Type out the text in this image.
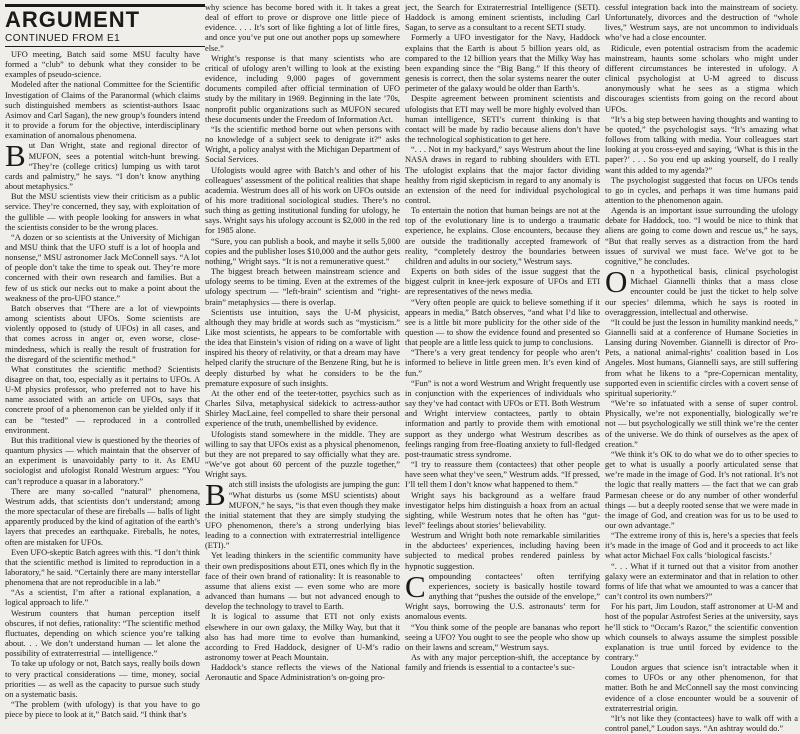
ARGUMENT
CONTINUED FROM E1

UFO meeting, Batch said some MSU faculty have formed a “club” to debunk what they consider to be examples of pseudo-science.

Modeled after the national Committee for the Scientific Investigation of Claims of the Paranormal (which claims such distinguished members as scientist-authors Isaac Asimov and Carl Sagan), the new group’s founders intend it to provide a forum for the objective, interdisciplinary examination of anomalous phenomena.

But Dan Wright, state and regional director of MUFON, sees a potential witch-hunt brewing. “They’re (college critics) lumping us with tarot cards and palmistry,” he says. “I don’t know anything about metaphysics.”

But the MSU scientists view their criticism as a public service. They’re concerned, they say, with exploitation of the gullible — with people looking for answers in what the scientists consider to be the wrong places.

“A dozen or so scientists at the University of Michigan and MSU think that the UFO stuff is a lot of hoopla and nonsense,” MSU astronomer Jack McConnell says. “A lot of people don’t take the time to speak out. They’re more concerned with their own research and families. But a few of us stick our necks out to make a point about the weakness of the pro-UFO stance.”

Batch observes that “There are a lot of viewpoints among scientists about UFOs. Some scientists are violently opposed to (study of UFOs) in all cases, and that comes across in anger or, even worse, close-mindedness, which is really the result of frustration for the disregard of the scientific method.”

What constitutes the scientific method? Scientists disagree on that, too, especially as it pertains to UFOs. A U-M physics professor, who preferred not to have his name associated with an article on UFOs, says that concrete proof of a phenomenon can be yielded only if it can be “tested” — reproduced in a controlled environment.

But this traditional view is questioned by the theories of quantum physics — which maintain that the observer of an experiment is unavoidably party to it. As EMU sociologist and ufologist Ronald Westrum argues: “You can’t reproduce a quasar in a laboratory.”

There are many so-called “natural” phenomena, Westrum adds, that scientists don’t understand; among the more spectacular of these are fireballs — balls of light apparently produced by the kind of agitation of the earth’s layers that precedes an earthquake. Fireballs, he notes, often are mistaken for UFOs.

Even UFO-skeptic Batch agrees with this. “I don’t think that the scientific method is limited to reproduction in a laboratory,” he said. “Certainly there are many interstellar phenomena that are not reproducible in a lab.”

“As a scientist, I’m after a rational explanation, a logical approach to life.”

Westrum counters that human perception itself obscures, if not defies, rationality: “The scientific method fluctuates, depending on which science you’re talking about. . . We don’t understand human — let alone the possibility of extraterrestrial — intelligence.”

To take up ufology or not, Batch says, really boils down to very practical considerations — time, money, social priorities — as well as the capacity to pursue such study on a systematic basis.

“The problem (with ufology) is that you have to go piece by piece to look at it,” Batch said. “I think that’s

why science has become bored with it. It takes a great deal of effort to prove or disprove one little piece of evidence. . . . It’s sort of like fighting a lot of little fires, and once you’ve put one out another pops up somewhere else.”

Wright’s response is that many scientists who are critical of ufology aren’t willing to look at the existing evidence, including 9,000 pages of government documents compiled after official termination of UFO study by the military in 1969. Beginning in the late ’70s, nonprofit public organizations such as MUFON secured these documents under the Freedom of Information Act.

“Is the scientific method borne out when persons with no knowledge of a subject seek to denigrate it?” asks Wright, a policy analyst with the Michigan Department of Social Services.

Ufologists would agree with Batch’s and other of his colleagues’ assessment of the political realities that shape academia. Westrum does all of his work on UFOs outside of his more traditional sociological studies. There’s no such thing as getting institutional funding for ufology, he says. Wright says his ufology account is $2,000 in the red for 1985 alone.

“Sure, you can publish a book, and maybe it sells 5,000 copies and the publisher loses $10,000 and the author gets nothing,” Wright says. “It is not a remunerative quest.”

The biggest breach between mainstream science and ufology seems to be timing. Even at the extremes of the ufology spectrum — “left-brain” scientism and “right-brain” metaphysics — there is overlap.

Scientists use intuition, says the U-M physicist, although they may bridle at words such as “mysticism.” Like most scientists, he appears to be comfortable with the idea that Einstein’s vision of riding on a wave of light inspired his theory of relativity, or that a dream may have helped clarify the structure of the Benzene Ring, but he is deeply disturbed by what he considers to be the premature exposure of such insights.

At the other end of the teeter-totter, psychics such as Charles Silva, metaphysical sidekick to actress-author Shirley MacLaine, feel compelled to share their personal experience of the truth, unembellished by evidence.

Ufologists stand somewhere in the middle. They are willing to say that UFOs exist as a physical phenomenon, but they are not prepared to say officially what they are. “We’ve got about 60 percent of the puzzle together,” Wright says.

Batch still insists the ufologists are jumping the gun: “What disturbs us (some MSU scientists) about MUFON,” he says, “is that even though they make the initial statement that they are simply studying the UFO phenomenon, there’s a strong underlying bias leading to a connection with extraterrestrial intelligence (ETI).”

Yet leading thinkers in the scientific community have their own predispositions about ETI, ones which fly in the face of their own brand of rationality: It is reasonable to assume that aliens exist — even some who are more advanced than humans — but not advanced enough to develop the technology to travel to Earth.

It is logical to assume that ETI not only exists elsewhere in our own galaxy, the Milky Way, but that it also has had more time to evolve than humankind, according to Fred Haddock, designer of U-M’s radio astronomy tower at Peach Mountain.

Haddock’s stance reflects the views of the National Aeronautic and Space Administration’s on-going pro-

ject, the Search for Extraterrestrial Intelligence (SETI). Haddock is among eminent scientists, including Carl Sagan, to serve as a consultant to a recent SETI study.

Formerly a UFO investigator for the Navy, Haddock explains that the Earth is about 5 billion years old, as compared to the 12 billion years that the Milky Way has been expanding since the “Big Bang.” If this theory of genesis is correct, then the solar systems nearer the outer perimeter of the galaxy would be older than Earth’s.

Despite agreement between prominent scientists and ufologists that ETI may well be more highly evolved than human intelligence, SETI’s current thinking is that contact will be made by radio because aliens don’t have the technological sophistication to get here.

“. . . Not in my backyard,” says Westrum about the line NASA draws in regard to rubbing shoulders with ETI. The ufologist explains that the major factor dividing healthy from rigid skepticism in regard to any anomaly is an extension of the need for individual psychological control.

To entertain the notion that human beings are not at the top of the evolutionary line is to undergo a traumatic experience, he explains. Close encounters, because they are outside the traditionally accepted framework of reality, “completely destroy the boundaries between children and adults in our society,” Westrum says.

Experts on both sides of the issue suggest that the biggest culprit in knee-jerk exposure of UFOs and ETI are representatives of the news media.

“Very often people are quick to believe something if it appears in media,” Batch observes, “and what I’d like to see is a little bit more publicity for the other side of the question — to show the evidence found and presented so that people are a little less quick to jump to conclusions.

“There’s a very great tendency for people who aren’t informed to believe in little green men. It’s even kind of fun.”

“Fun” is not a word Westrum and Wright frequently use in conjunction with the experiences of individuals who say they’ve had contact with UFOs or ETI. Both Westrum and Wright interview contactees, partly to obtain information and partly to provide them with emotional support as they undergo what Westrum describes as feelings ranging from free-floating anxiety to full-fledged post-traumatic stress syndrome.

“I try to reassure them (contactees) that other people have seen what they’ve seen,” Westrum adds. “If pressed, I’ll tell them I don’t know what happened to them.”

Wright says his background as a welfare fraud investigator helps him distinguish a hoax from an actual sighting, while Westrum notes that he often has “gut-level” feelings about stories’ believability.

Westrum and Wright both note remarkable similarities in the abductees’ experiences, including having been subjected to medical probes rendered painless by hypnotic suggestion.

Compounding contactees’ often terrifying experiences, society is basically hostile toward anything that “pushes the outside of the envelope,” Wright says, borrowing the U.S. astronauts’ term for anomalous events.

“You think some of the people are bananas who report seeing a UFO? You ought to see the people who show up on their lawns and scream,” Westrum says.

As with any major perception-shift, the acceptance by family and friends is essential to a contactee’s suc-

cessful integration back into the mainstream of society. Unfortunately, divorces and the destruction of “whole lives,” Westrum says, are not uncommon to individuals who’ve had a close encounter.

Ridicule, even potential ostracism from the academic mainstream, haunts some scholars who might under different circumstances be interested in ufology. A clinical psychologist at U-M agreed to discuss anonymously what he sees as a stigma which discourages scientists from going on the record about UFOs.

“It’s a big step between having thoughts and wanting to be quoted,” the psychologist says. “It’s amazing what follows from talking with media. Your colleagues start looking at you cross-eyed and saying, ‘What is this in the paper?’ . . . So you end up asking yourself, do I really want this added to my agenda?”

The psychologist suggested that focus on UFOs tends to go in cycles, and perhaps it was time humans paid attention to the phenomenon again.

Agenda is an important issue surrounding the ufology debate for Haddock, too. “I would be nice to think that aliens are going to come down and rescue us,” he says, “But that really serves as a distraction from the hard issues of survival we must face. We’ve got to be cognitive,” he concludes.

On a hypothetical basis, clinical psychologist Michael Giannelli thinks that a mass close encounter could be just the ticket to help solve our species’ dilemma, which he says is rooted in overaggression, intellectual and otherwise.

“It could be just the lesson in humility mankind needs,” Giannelli said at a conference of Humane Societies in Lansing during November. Giannelli is director of Pro-Pets, a national animal-rights’ coalition based in Los Angeles. Most humans, Giannelli says, are still suffering from what he likens to a “pre-Copernican mentality, supported even in scientific circles with a covert sense of spiritual superiority.”

“We’re so infatuated with a sense of super control. Physically, we’re not exponentially, biologically we’re not — but psychologically we still think we’re the center of the universe. We do think of ourselves as the apex of creation.”

“We think it’s OK to do what we do to other species to get to what is usually a poorly articulated sense that we’re made in the image of God. It’s not rational. It’s not the logic that really matters — the fact that we can grab Parmesan cheese or do any number of other wonderful things — but a deeply rooted sense that we were made in the image of God, and creation was for us to be used to our own advantage.”

“The extreme irony of this is, here’s a species that feels it’s made in the image of God and it proceeds to act like what actor Michael Fox calls ‘biological fascists.’

“. . . What if it turned out that a visitor from another galaxy were an exterminator and that in relation to other forms of life that what we amounted to was a cancer that can’t control its own numbers?”

For his part, Jim Loudon, staff astronomer at U-M and host of the popular Astrofest Series at the university, says he’ll stick to “Occam’s Razor,” the scientific convention which counsels to always assume the simplest possible explanation is true until forced by evidence to the contrary.”

Loudon argues that science isn’t intractable when it comes to UFOs or any other phenomenon, for that matter. Both he and McConnell say the most convincing evidence of a close encounter would be a souvenir of extraterrestrial origin.

“It’s not like they (contactees) have to walk off with a control panel,” Loudon says. “An ashtray would do.”
